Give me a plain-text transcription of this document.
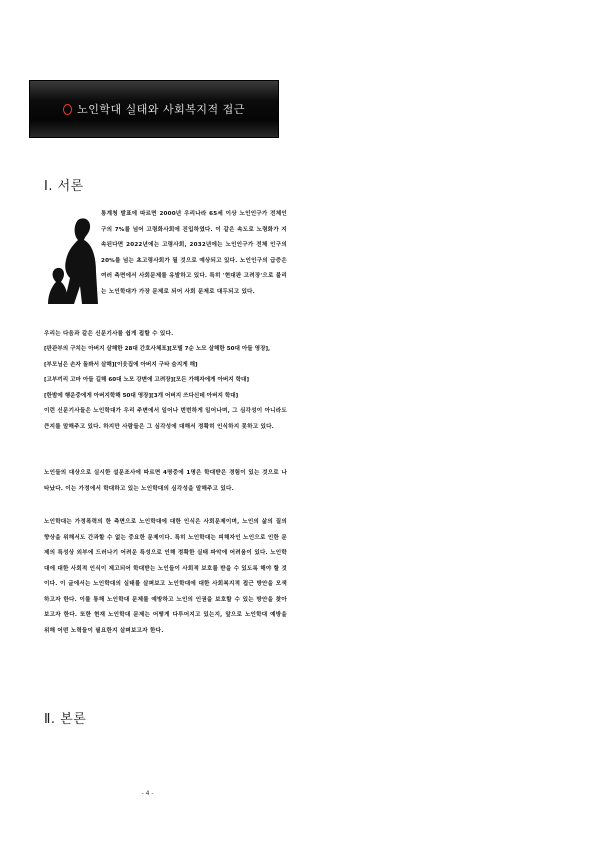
노인학대 실태와 사회복지적 접근
Ⅰ. 서론
통계청 발표에 따르면 2000년 우리나라 65세 이상 노인인구가 전체인구의 7%를 넘어 고령화사회에 진입하였다. 이 같은 속도로 노령화가 지속된다면 2022년에는 고령사회, 2032년에는 노인인구가 전체 인구의 20%를 넘는 초고령사회가 될 것으로 예상되고 있다. 노인인구의 급증은 여러 측면에서 사회문제를 유발하고 있다. 특히 '현대판 고려장'으로 불리는 노인학대가 가장 문제로 되어 사회 문제로 대두되고 있다.
우리는 다음과 같은 신문기사를 쉽게 접할 수 있다.
[판관부의 구치는 아버지 살해한 28대 간호사체포][모텔 7순 노모 살해한 50대 아들 영장],
[부모님은 손자 돌봐서 살해][이웃집에 아버지 구타 숨지게 해]
[고부끼리 고마 아들 길해 60대 노모 강변에 고려장][모든 가해자에게 아버지 학대]
[한밤에 행운중에게 아버지학해 50대 영장][3개 어버지 쓰다신데 아버지 학대]
이런 신문기사들은 노인학대가 우리 주변에서 일어나 번번하게 일어나며, 그 심각성이 아니라도 큰지를 말해주고 있다. 하지만 사람들은 그 심각성에 대해서 정확히 인식하지 못하고 있다.
노인들의 대상으로 실시한 설문조사에 따르면 4명중에 1명은 학대받은 경험이 있는 것으로 나타났다. 이는 가정에서 학대하고 있는 노인학대의 심각성을 말해주고 있다.
노인학대는 가정폭력의 한 측면으로 노인학대에 대한 인식은 사회문제이며, 노인의 삶의 질의 향상을 위해서도 간과할 수 없는 중요한 문제이다. 특히 노인학대는 피해자인 노인으로 인한 문제의 특성상 외부에 드러나기 어려운 특성으로 인해 정확한 실태 파악에 어려움이 있다. 노인학대에 대한 사회적 인식이 제고되어 학대받는 노인들이 사회적 보호를 받을 수 있도록 해야 할 것이다. 이 글에서는 노인학대의 실태를 살펴보고 노인학대에 대한 사회복지적 접근 방안을 모색하고자 한다. 이를 통해 노인학대 문제를 예방하고 노인의 인권을 보호할 수 있는 방안을 찾아보고자 한다. 또한 현재 노인학대 문제는 어떻게 다루어지고 있는지, 앞으로 노인학대 예방을 위해 어떤 노력들이 필요한지 살펴보고자 한다.
Ⅱ. 본론
- 4 -
